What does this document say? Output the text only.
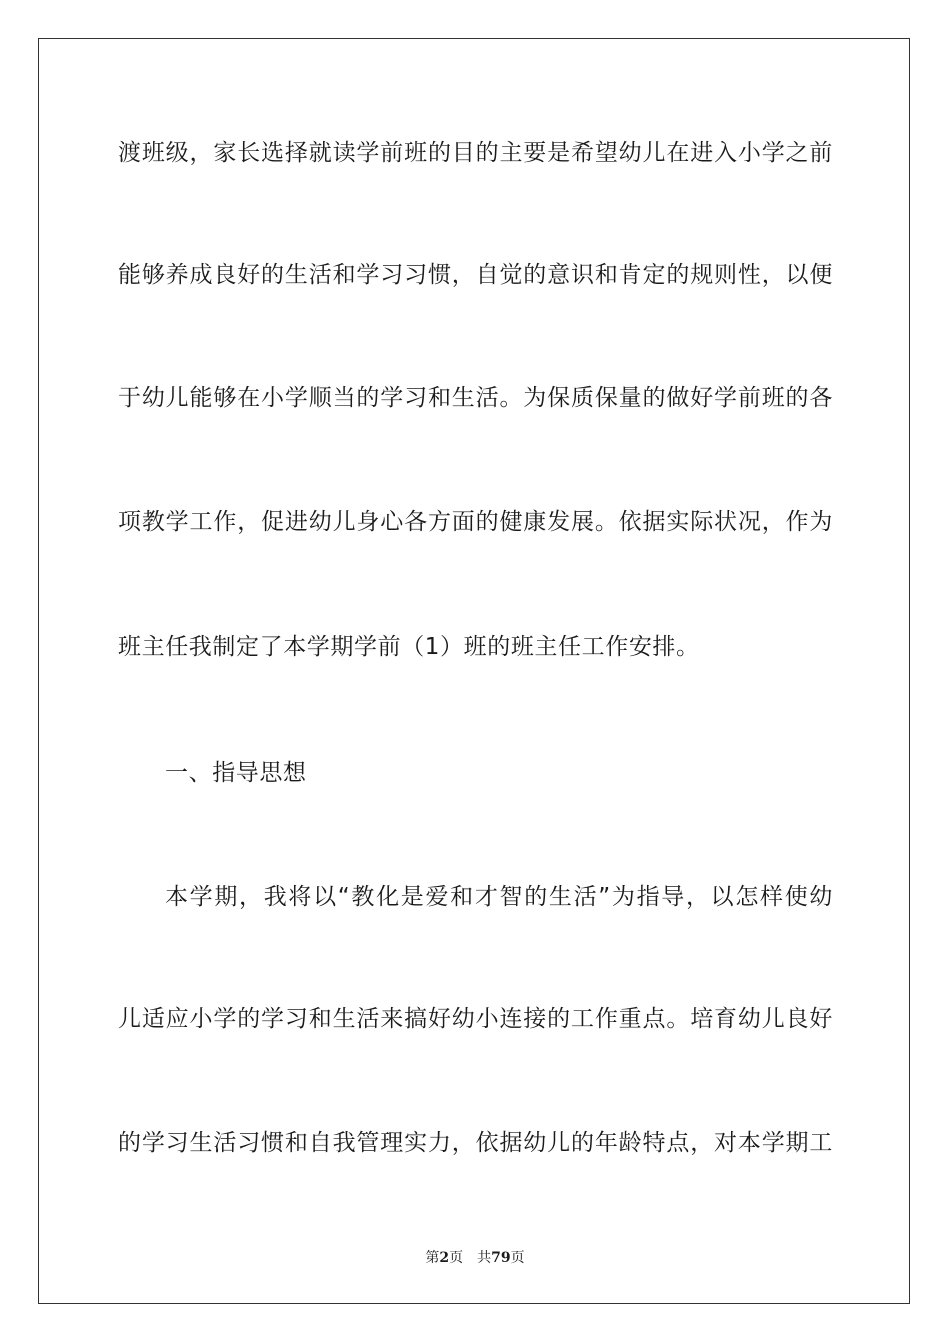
渡班级，家长选择就读学前班的目的主要是希望幼儿在进入小学之前
能够养成良好的生活和学习习惯，自觉的意识和肯定的规则性，以便
于幼儿能够在小学顺当的学习和生活。为保质保量的做好学前班的各
项教学工作，促进幼儿身心各方面的健康发展。依据实际状况，作为
班主任我制定了本学期学前（1）班的班主任工作安排。
一、指导思想
本学期，我将以“教化是爱和才智的生活”为指导，以怎样使幼
儿适应小学的学习和生活来搞好幼小连接的工作重点。培育幼儿良好
的学习生活习惯和自我管理实力，依据幼儿的年龄特点，对本学期工
第2页 共79页
